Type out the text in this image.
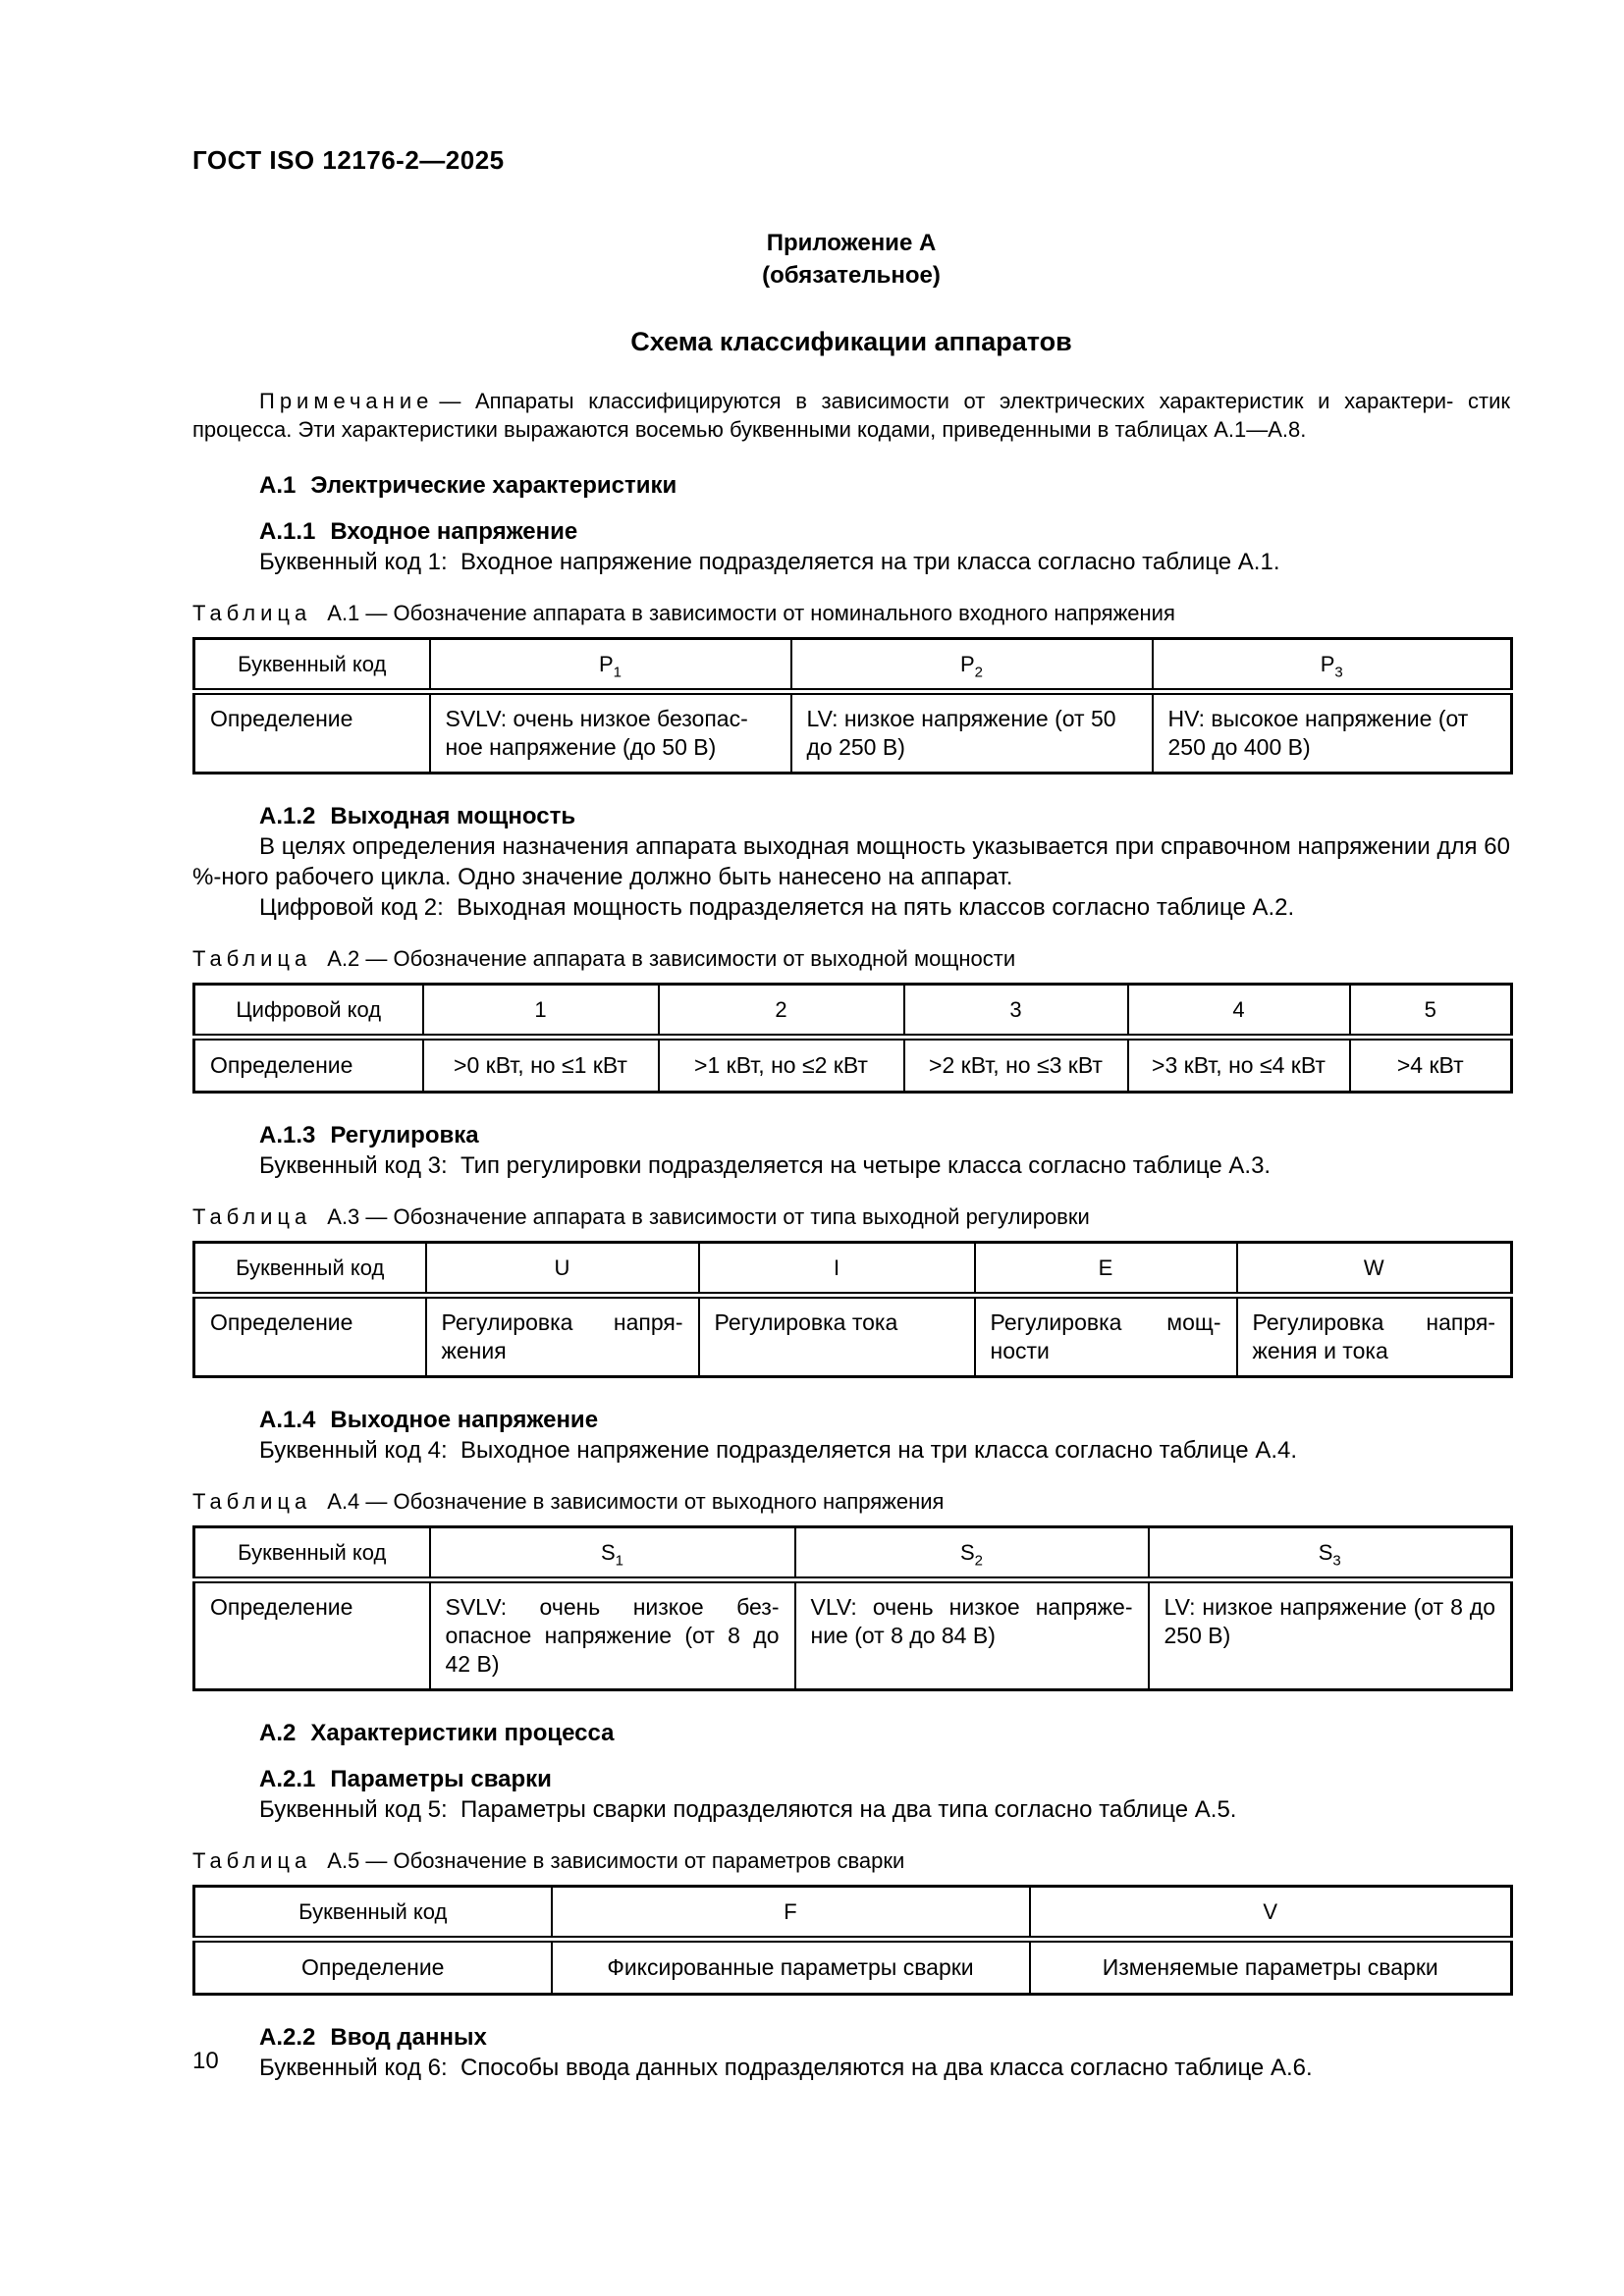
ГОСТ ISO 12176-2—2025

Приложение А

(обязательное)

Схема классификации аппаратов

Примечание — Аппараты классифицируются в зависимости от электрических характеристик и характери- стик процесса. Эти характеристики выражаются восемью буквенными кодами, приведенными в таблицах А.1—А.8.

А.1 Электрические характеристики

А.1.1 Входное напряжение

Буквенный код 1:  Входное напряжение подразделяется на три класса согласно таблице А.1.

Таблица А.1 — Обозначение аппарата в зависимости от номинального входного напряжения

Буквенный код	$P_1$	$P_2$	$P_3$
Определение	SVLV: очень низкое безопас- ное напряжение (до 50 В)	LV: низкое напряжение (от 50 до 250 В)	HV: высокое напряжение (от 250 до 400 В)

А.1.2 Выходная мощность

В целях определения назначения аппарата выходная мощность указывается при справочном напряжении для 60 %-ного рабочего цикла. Одно значение должно быть нанесено на аппарат.

Цифровой код 2:  Выходная мощность подразделяется на пять классов согласно таблице А.2.

Таблица А.2 — Обозначение аппарата в зависимости от выходной мощности

Цифровой код	1	2	3	4	5
Определение	>0 кВт, но ≤1 кВт	>1 кВт, но ≤2 кВт	>2 кВт, но ≤3 кВт	>3 кВт, но ≤4 кВт	>4 кВт

А.1.3 Регулировка

Буквенный код 3:  Тип регулировки подразделяется на четыре класса согласно таблице А.3.

Таблица А.3 — Обозначение аппарата в зависимости от типа выходной регулировки

Буквенный код	U	I	E	W
Определение	Регулировка напря- жения	Регулировка тока	Регулировка мощ- ности	Регулировка напря- жения и тока

А.1.4 Выходное напряжение

Буквенный код 4:  Выходное напряжение подразделяется на три класса согласно таблице А.4.

Таблица А.4 — Обозначение в зависимости от выходного напряжения

Буквенный код	$S_1$	$S_2$	$S_3$
Определение	SVLV: очень низкое без- опасное напряжение (от 8 до 42 В)	VLV: очень низкое напряже- ние (от 8 до 84 В)	LV: низкое напряжение (от 8 до 250 В)

А.2 Характеристики процесса

А.2.1 Параметры сварки

Буквенный код 5:  Параметры сварки подразделяются на два типа согласно таблице А.5.

Таблица А.5 — Обозначение в зависимости от параметров сварки

Буквенный код	F	V
Определение	Фиксированные параметры сварки	Изменяемые параметры сварки

А.2.2 Ввод данных

Буквенный код 6:  Способы ввода данных подразделяются на два класса согласно таблице А.6.

10
